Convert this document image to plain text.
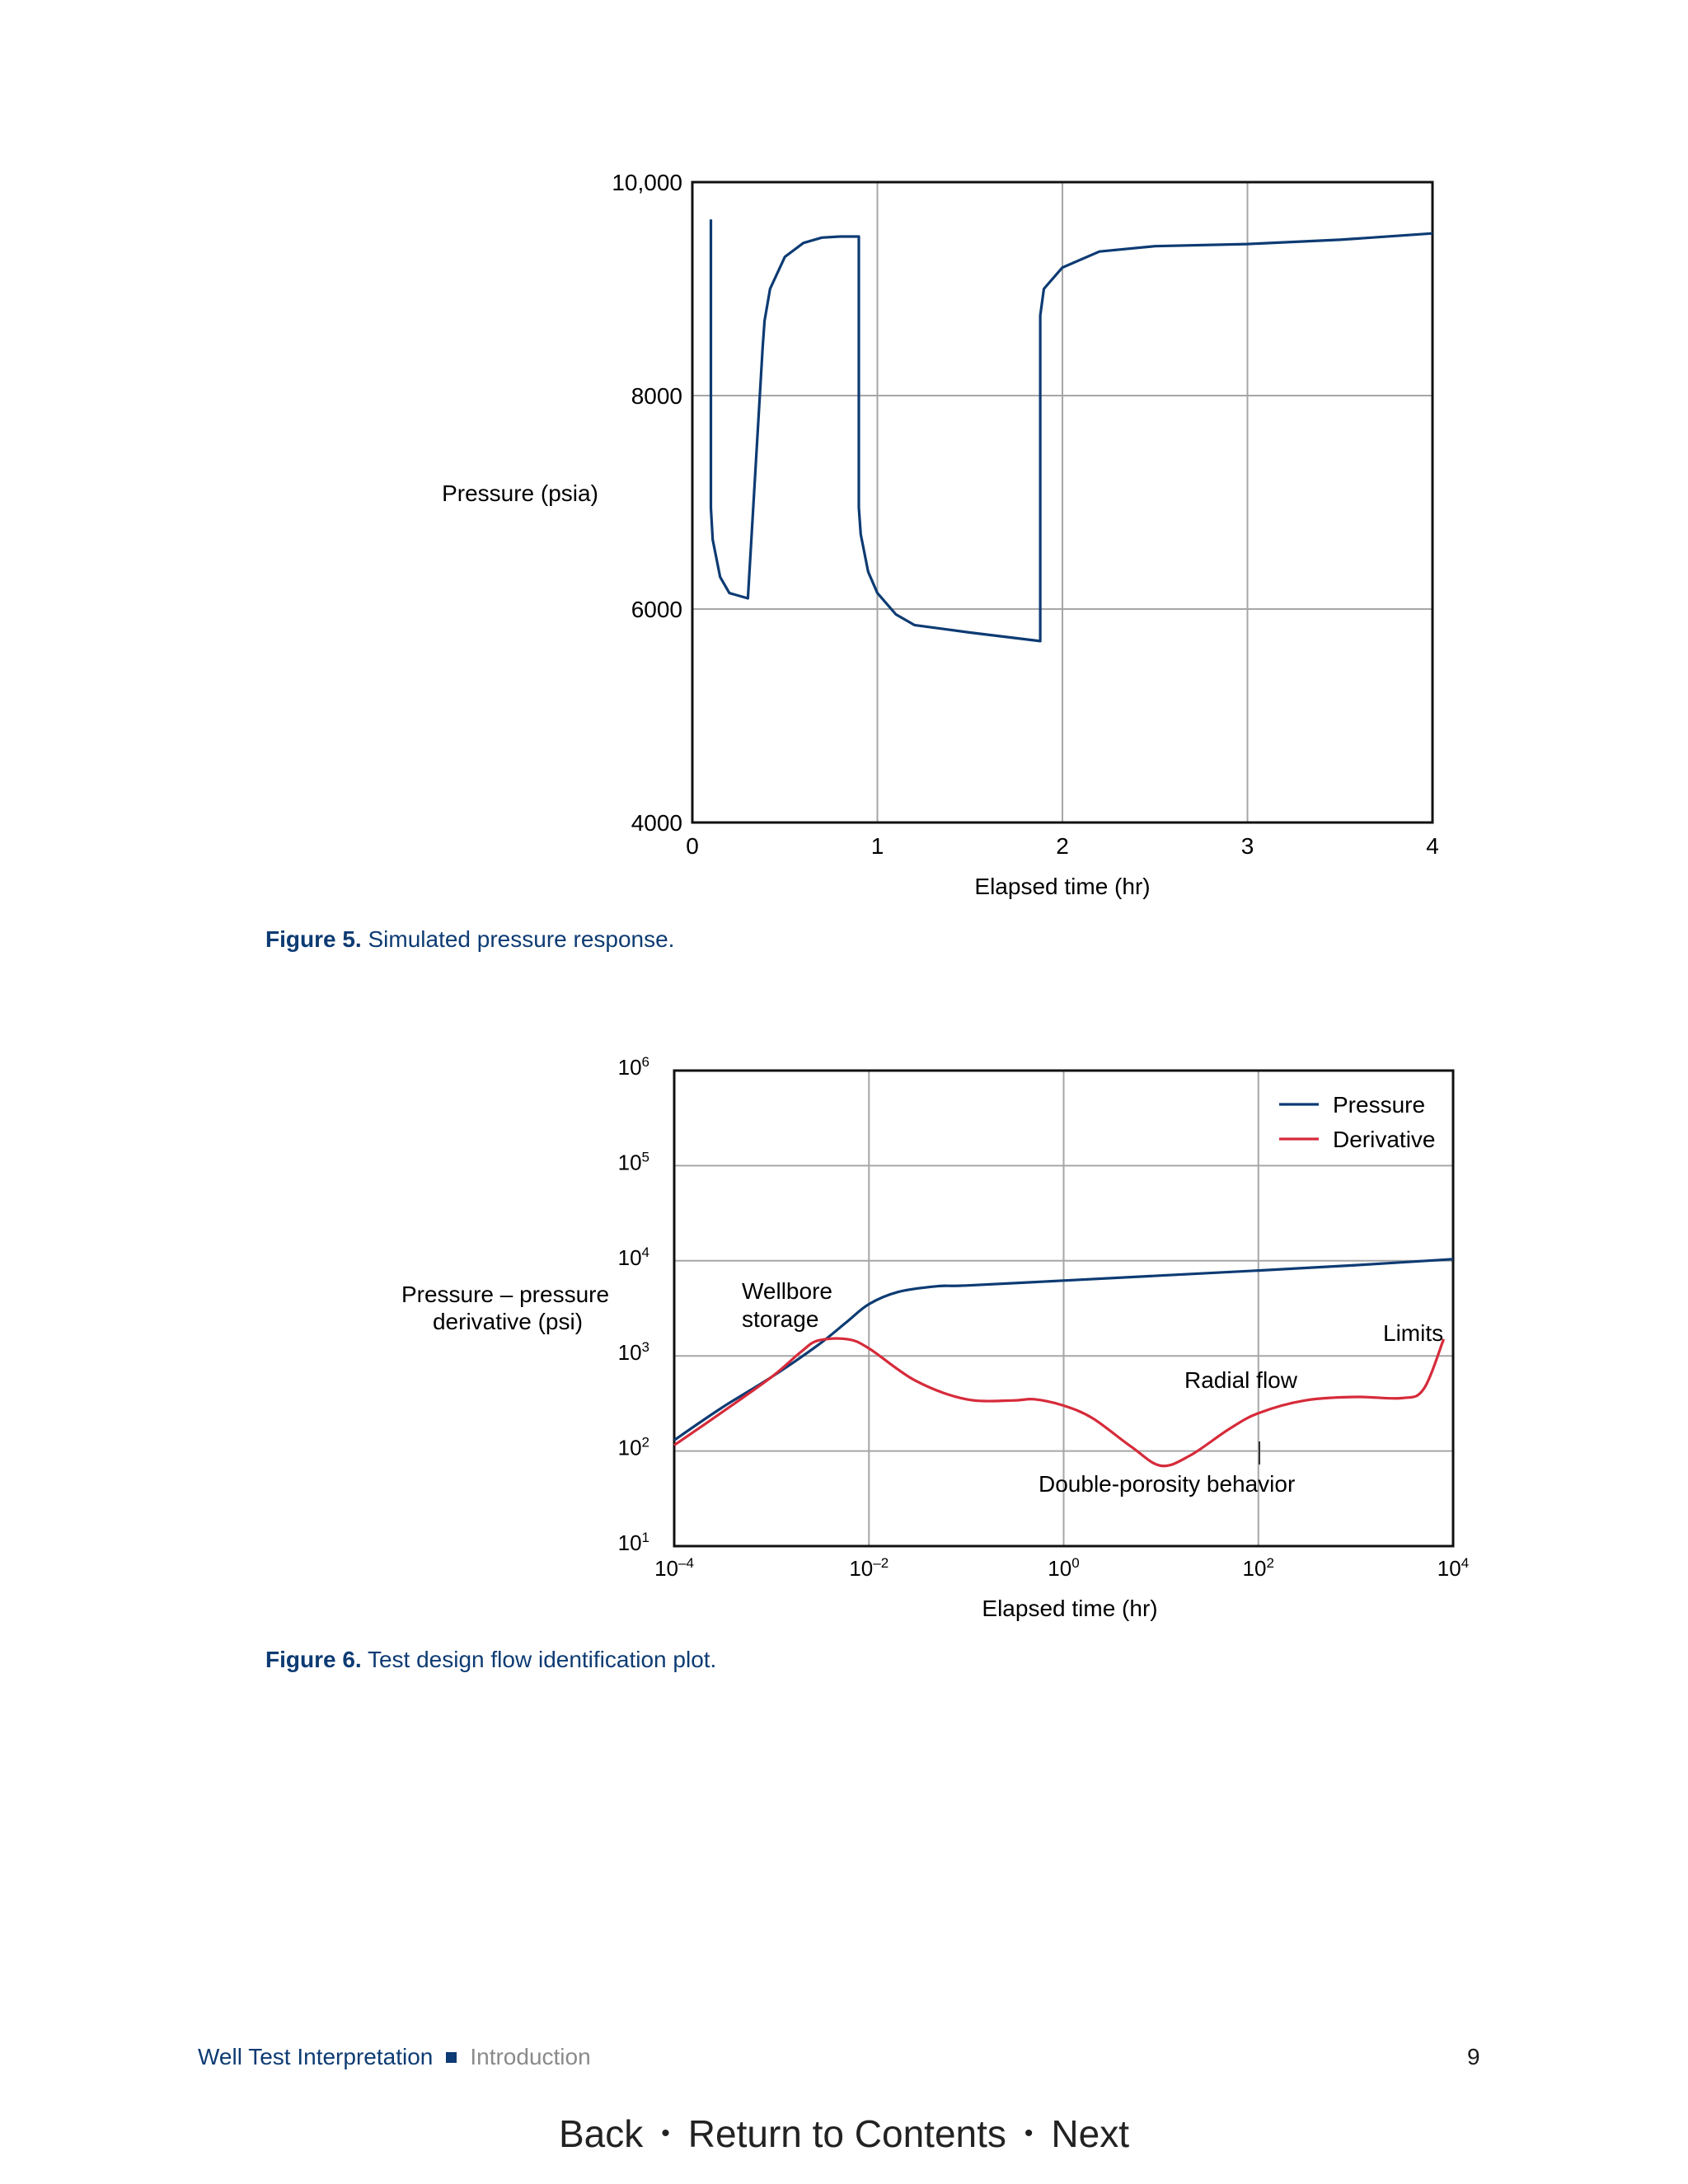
0	1	2	3	4
4000
6000
8000
10,000
Pressure (psia)
Elapsed time (hr)
Figure 5. Simulated pressure response.
$10^{-4}$	$10^{-2}$	$10^0$	$10^2$	$10^4$
$10^1$
$10^2$
$10^3$
$10^4$
$10^5$
$10^6$
Pressure
Derivative
Wellbore
storage
Limits
Radial flow
Double-porosity behavior
Pressure – pressure
derivative (psi)
Elapsed time (hr)
Figure 6. Test design flow identification plot.
Well Test Interpretation Introduction	9
Back • Return to Contents • Next
